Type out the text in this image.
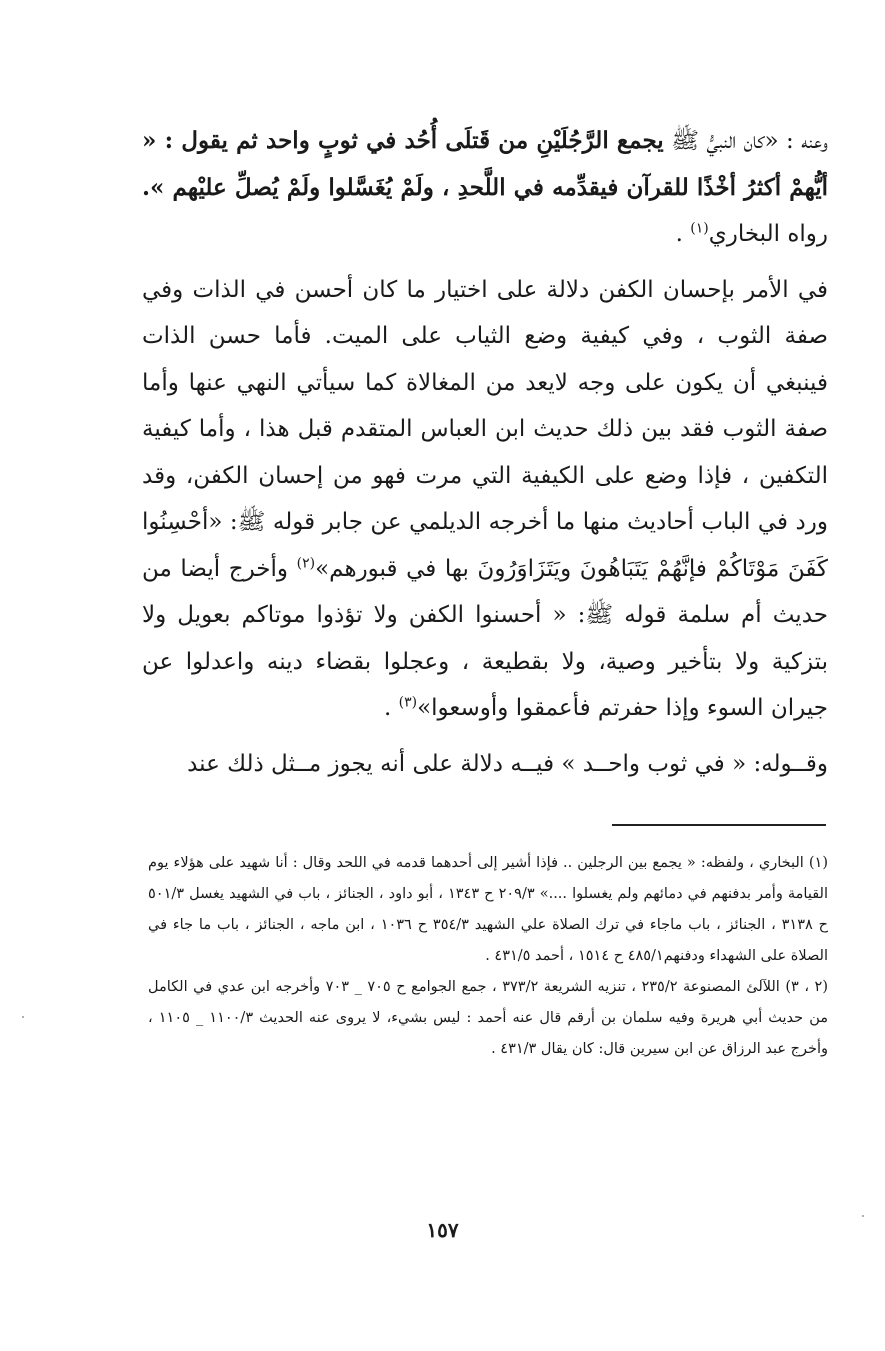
وعنه : «كان النبيُّ ﷺ يجمع الرَّجُلَيْنِ من قَتلَى أُحُد في ثوبٍ واحد ثم يقول : « أيُّهمْ أكثرُ أخْذًا للقرآن فيقدِّمه في اللَّحدِ ، ولَمْ يُغَسَّلوا ولَمْ يُصلِّ عليْهم ». رواه البخاري$^{(١)}$ .

في الأمر بإحسان الكفن دلالة على اختيار ما كان أحسن في الذات وفي صفة الثوب ، وفي كيفية وضع الثياب على الميت. فأما حسن الذات فينبغي أن يكون على وجه لايعد من المغالاة كما سيأتي النهي عنها وأما صفة الثوب فقد بين ذلك حديث ابن العباس المتقدم قبل هذا ، وأما كيفية التكفين ، فإذا وضع على الكيفية التي مرت فهو من إحسان الكفن، وقد ورد في الباب أحاديث منها ما أخرجه الديلمي عن جابر قوله ﷺ: «أحْسِنُوا كَفَنَ مَوْتَاكُمْ فإنَّهُمْ يَتَبَاهُونَ ويَتَزَاوَرُونَ بها في قبورهم»$^{(٢)}$ وأخرج أيضا من حديث أم سلمة قوله ﷺ: « أحسنوا الكفن ولا تؤذوا موتاكم بعويل ولا بتزكية ولا بتأخير وصية، ولا بقطيعة ، وعجلوا بقضاء دينه واعدلوا عن جيران السوء وإذا حفرتم فأعمقوا وأوسعوا»$^{(٣)}$ .

وقــوله: « في ثوب واحــد » فيــه دلالة على أنه يجوز مــثل ذلك عند

(١) البخاري ، ولفظه: « يجمع بين الرجلين .. فإذا أشير إلى أحدهما قدمه في اللحد وقال : أنا شهيد على هؤلاء يوم القيامة وأمر بدفنهم في دمائهم ولم يغسلوا ....» ٢٠٩/٣ ح ١٣٤٣ ، أبو داود ، الجنائز ، باب في الشهيد يغسل ٥٠١/٣ ح ٣١٣٨ ، الجنائز ، باب ماجاء في ترك الصلاة علي الشهيد ٣٥٤/٣ ح ١٠٣٦ ، ابن ماجه ، الجنائز ، باب ما جاء في الصلاة على الشهداء ودفنهم٤٨٥/١ ح ١٥١٤ ، أحمد ٤٣١/٥ .

(٢ ، ٣) اللآلئ المصنوعة ٢٣٥/٢ ، تنزيه الشريعة ٣٧٣/٢ ، جمع الجوامع ح ٧٠٥ _ ٧٠٣ وأخرجه ابن عدي في الكامل من حديث أبي هريرة وفيه سلمان بن أرقم قال عنه أحمد : ليس بشيء، لا يروى عنه الحديث ١١٠٠/٣ _ ١١٠٥ ، وأخرج عبد الرزاق عن ابن سيرين قال: كان يقال ٤٣١/٣ .

١٥٧
